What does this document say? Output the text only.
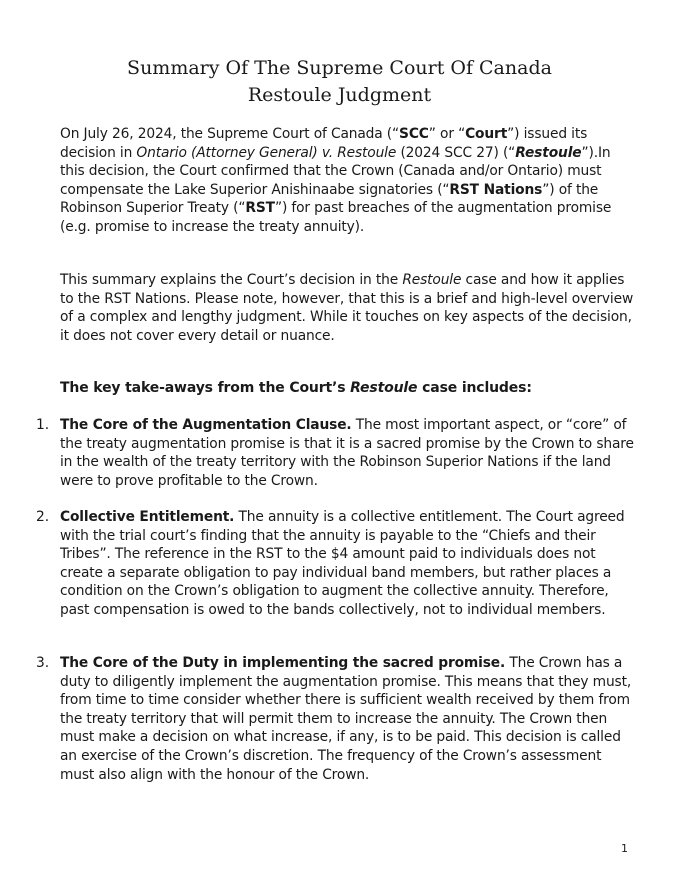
Summary Of The Supreme Court Of Canada
Restoule Judgment
On July 26, 2024, the Supreme Court of Canada (“SCC” or “Court”) issued its decision in Ontario (Attorney General) v. Restoule (2024 SCC 27) (“Restoule”).In this decision, the Court confirmed that the Crown (Canada and/or Ontario) must compensate the Lake Superior Anishinaabe signatories (“RST Nations”) of the Robinson Superior Treaty (“RST”) for past breaches of the augmentation promise (e.g. promise to increase the treaty annuity).
This summary explains the Court’s decision in the Restoule case and how it applies to the RST Nations. Please note, however, that this is a brief and high-level overview of a complex and lengthy judgment. While it touches on key aspects of the decision, it does not cover every detail or nuance.
The key take-aways from the Court’s Restoule case includes:
1. The Core of the Augmentation Clause. The most important aspect, or “core” of the treaty augmentation promise is that it is a sacred promise by the Crown to share in the wealth of the treaty territory with the Robinson Superior Nations if the land were to prove profitable to the Crown.
2. Collective Entitlement. The annuity is a collective entitlement. The Court agreed with the trial court’s finding that the annuity is payable to the “Chiefs and their Tribes”. The reference in the RST to the $4 amount paid to individuals does not create a separate obligation to pay individual band members, but rather places a condition on the Crown’s obligation to augment the collective annuity. Therefore, past compensation is owed to the bands collectively, not to individual members.
3. The Core of the Duty in implementing the sacred promise. The Crown has a duty to diligently implement the augmentation promise. This means that they must, from time to time consider whether there is sufficient wealth received by them from the treaty territory that will permit them to increase the annuity. The Crown then must make a decision on what increase, if any, is to be paid. This decision is called an exercise of the Crown’s discretion. The frequency of the Crown’s assessment must also align with the honour of the Crown.
1
